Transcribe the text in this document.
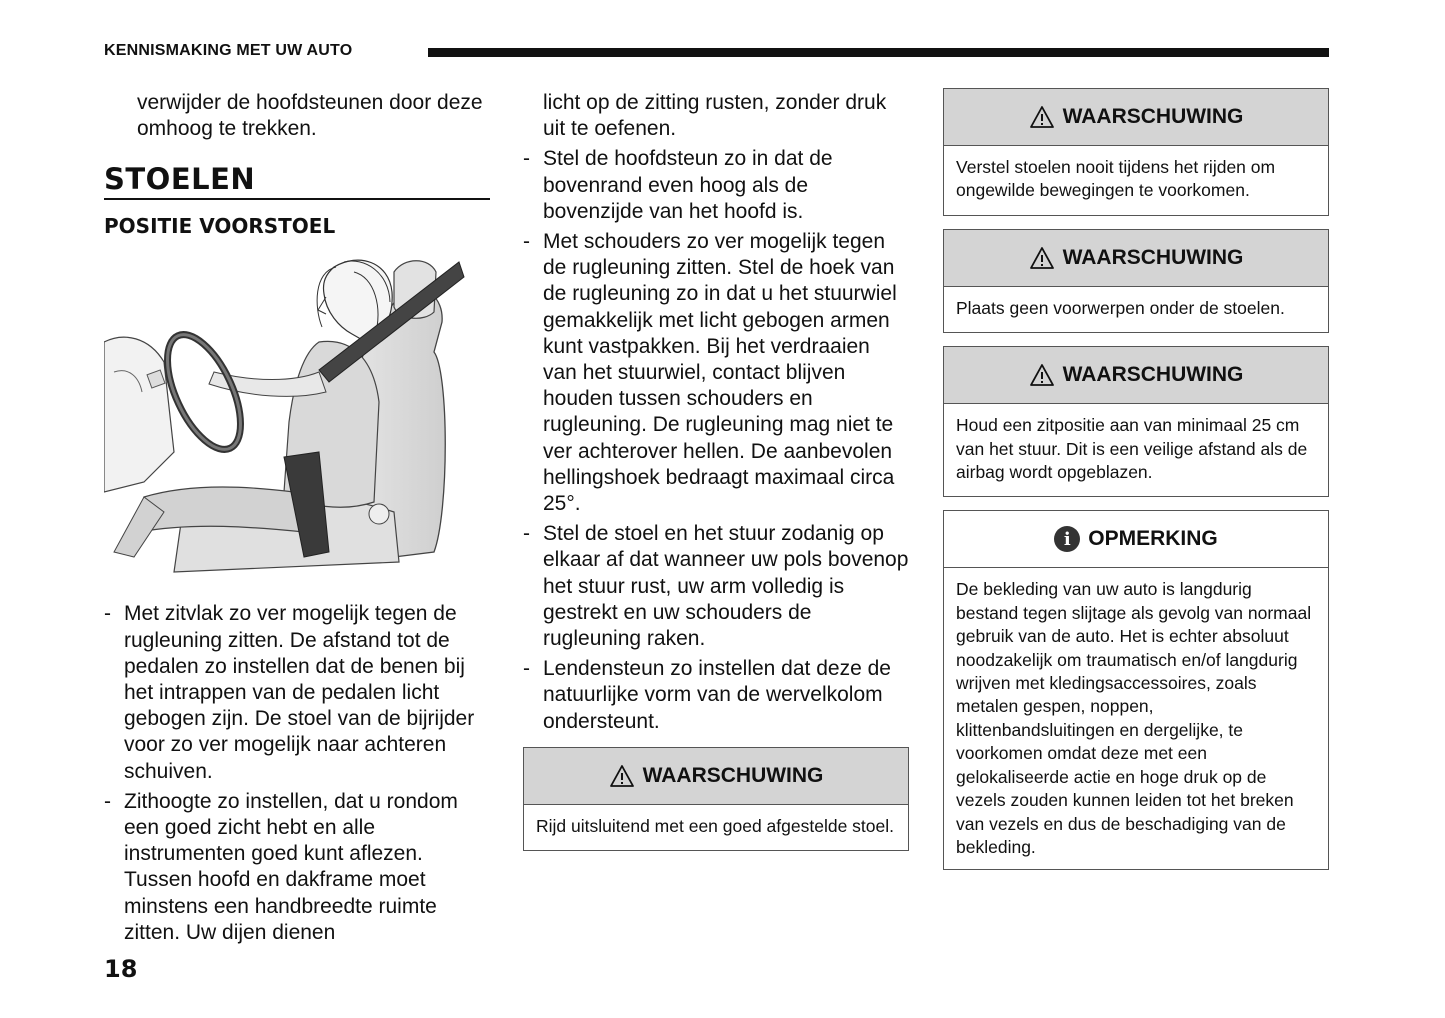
KENNISMAKING MET UW AUTO

verwijder de hoofdsteunen door deze omhoog te trekken.

STOELEN
POSITIE VOORSTOEL
- Met zitvlak zo ver mogelijk tegen de rugleuning zitten. De afstand tot de pedalen zo instellen dat de benen bij het intrappen van de pedalen licht gebogen zijn. De stoel van de bijrijder voor zo ver mogelijk naar achteren schuiven.
- Zithoogte zo instellen, dat u rondom een goed zicht hebt en alle instrumenten goed kunt aflezen. Tussen hoofd en dakframe moet minstens een handbreedte ruimte zitten. Uw dijen dienen

licht op de zitting rusten, zonder druk uit te oefenen.

- Stel de hoofdsteun zo in dat de bovenrand even hoog als de bovenzijde van het hoofd is.
- Met schouders zo ver mogelijk tegen de rugleuning zitten. Stel de hoek van de rugleuning zo in dat u het stuurwiel gemakkelijk met licht gebogen armen kunt vastpakken. Bij het verdraaien van het stuurwiel, contact blijven houden tussen schouders en rugleuning. De rugleuning mag niet te ver achterover hellen. De aanbevolen hellingshoek bedraagt maximaal circa 25°.
- Stel de stoel en het stuur zodanig op elkaar af dat wanneer uw pols bovenop het stuur rust, uw arm volledig is gestrekt en uw schouders de rugleuning raken.
- Lendensteun zo instellen dat deze de natuurlijke vorm van de wervelkolom ondersteunt.
WAARSCHUWING
Rijd uitsluitend met een goed afgestelde stoel.
WAARSCHUWING
Verstel stoelen nooit tijdens het rijden om ongewilde bewegingen te voorkomen.
WAARSCHUWING
Plaats geen voorwerpen onder de stoelen.
WAARSCHUWING
Houd een zitpositie aan van minimaal 25 cm van het stuur. Dit is een veilige afstand als de airbag wordt opgeblazen.
i OPMERKING
De bekleding van uw auto is langdurig bestand tegen slijtage als gevolg van normaal gebruik van de auto. Het is echter absoluut noodzakelijk om traumatisch en/of langdurig wrijven met kledingsaccessoires, zoals metalen gespen, noppen, klittenbandsluitingen en dergelijke, te voorkomen omdat deze met een gelokaliseerde actie en hoge druk op de vezels zouden kunnen leiden tot het breken van vezels en dus de beschadiging van de bekleding.
18
